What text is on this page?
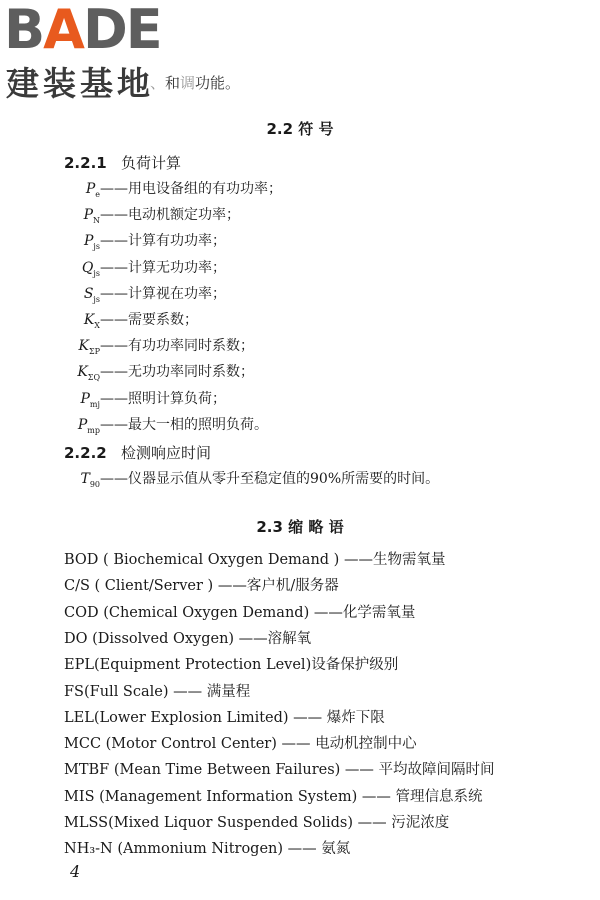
BADE
建装基地
、和调功能。
2.2 符 号
2.2.1 负荷计算
$P_e——$用电设备组的有功功率；
$P_N——$电动机额定功率；
$P_{js}——$计算有功功率；
$Q_{js}——$计算无功功率；
$S_{js}——$计算视在功率；
$K_X——$需要系数；
$K_{\Sigma P}——$有功功率同时系数；
$K_{\Sigma Q}——$无功功率同时系数；
$P_{mj}——$照明计算负荷；
$P_{mp}——$最大一相的照明负荷。
2.2.2 检测响应时间
$T_{90}——$仪器显示值从零升至稳定值的90%所需要的时间。
2.3 缩 略 语
BOD ( Biochemical Oxygen Demand ) ——生物需氧量
C/S ( Client/Server ) ——客户机/服务器
COD (Chemical Oxygen Demand) ——化学需氧量
DO (Dissolved Oxygen) ——溶解氧
EPL(Equipment Protection Level)设备保护级别
FS(Full Scale) —— 满量程
LEL(Lower Explosion Limited) —— 爆炸下限
MCC (Motor Control Center) —— 电动机控制中心
MTBF (Mean Time Between Failures) —— 平均故障间隔时间
MIS (Management Information System) —— 管理信息系统
MLSS(Mixed Liquor Suspended Solids) —— 污泥浓度
NH₃-N (Ammonium Nitrogen) —— 氨氮
4
